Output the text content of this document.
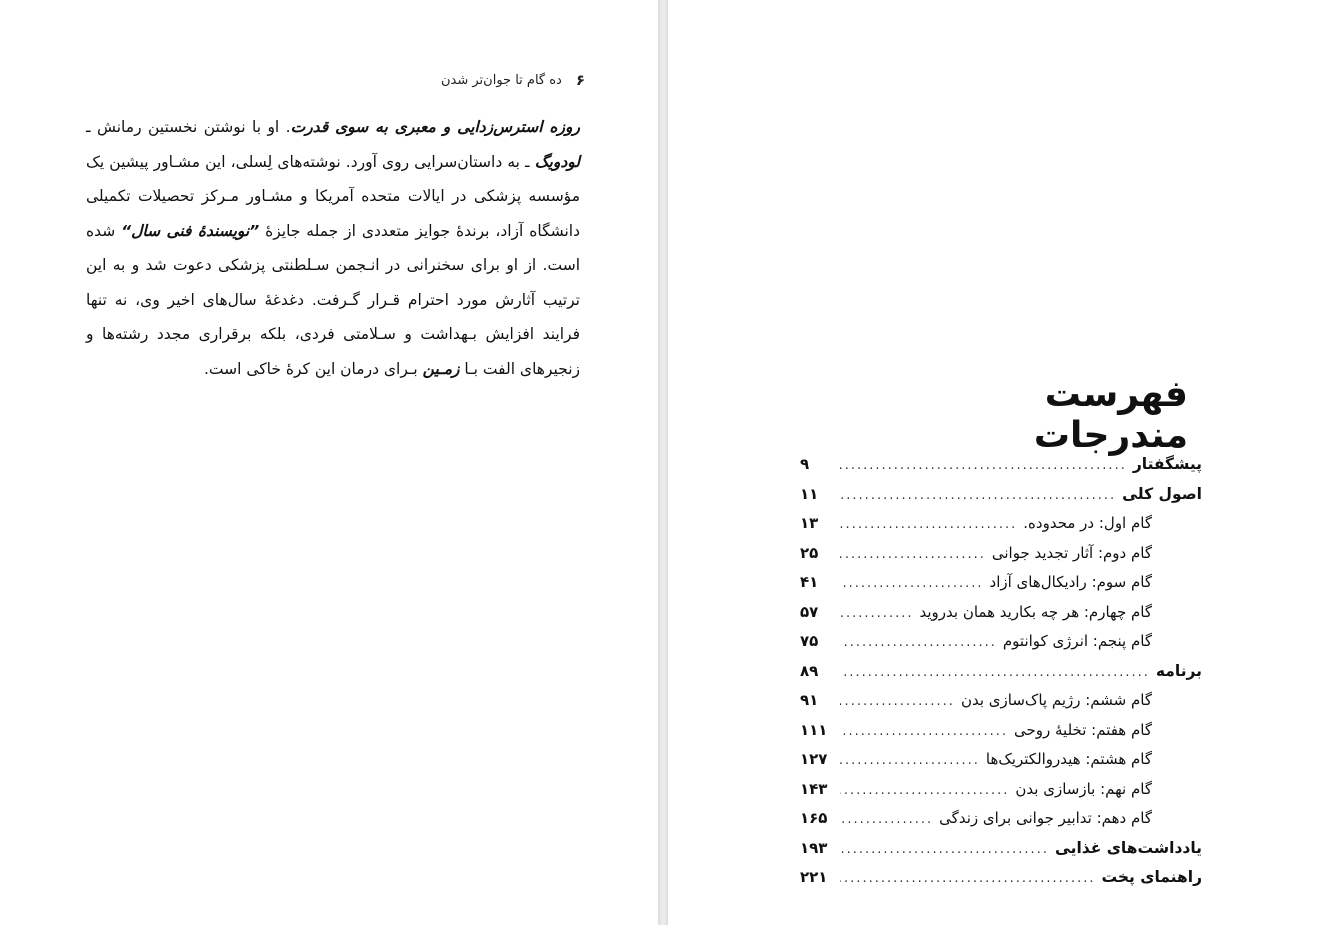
۶
ده گام تا جوان‌تر شدن

روزه استرس‌زدایی و معبری به سوی قدرت. او با نوشتن نخستین رمانش ـ لودویگ ـ به داستان‌سرایی روی آورد. نوشته‌های لِسلی، این مشـاور پیشین یک مؤسسه پزشکی در ایالات متحده آمریکا و مشـاور مـرکز تحصیلات تکمیلی دانشگاه آزاد، برندهٔ جوایز متعددی از جمله جایزهٔ ”نویسندهٔ فنی سال“ شده است. از او برای سخنرانی در انـجمن سـلطنتی پزشکی دعوت شد و به این ترتیب آثارش مورد احترام قـرار گـرفت. دغدغهٔ سال‌های اخیر وی، نه تنها فرایند افزایش بـهداشت و سـلامتی فردی، بلکه برقراری مجدد رشته‌ها و زنجیرهای الفت بـا زمـین بـرای درمان این کرهٔ خاکی است.

فهرست مندرجات
پیشگفتار
.....
۹
اصول کلی
.....
۱۱
گام اول: در محدوده.
.....
۱۳
گام دوم: آثار تجدید جوانی
.....
۲۵
گام سوم: رادیکال‌های آزاد
.....
۴۱
گام چهارم: هر چه بکارید همان بدروید
.....
۵۷
گام پنجم: انرژی کوانتوم
.....
۷۵
برنامه
.....
۸۹
گام ششم: رژیم پاک‌سازی بدن
.....
۹۱
گام هفتم: تخلیهٔ روحی
.....
۱۱۱
گام هشتم: هیدروالکتریک‌ها
.....
۱۲۷
گام نهم: بازسازی بدن
.....
۱۴۳
گام دهم: تدابیر جوانی برای زندگی
.....
۱۶۵
یادداشت‌های غذایی
.....
۱۹۳
راهنمای پخت
.....
۲۲۱
